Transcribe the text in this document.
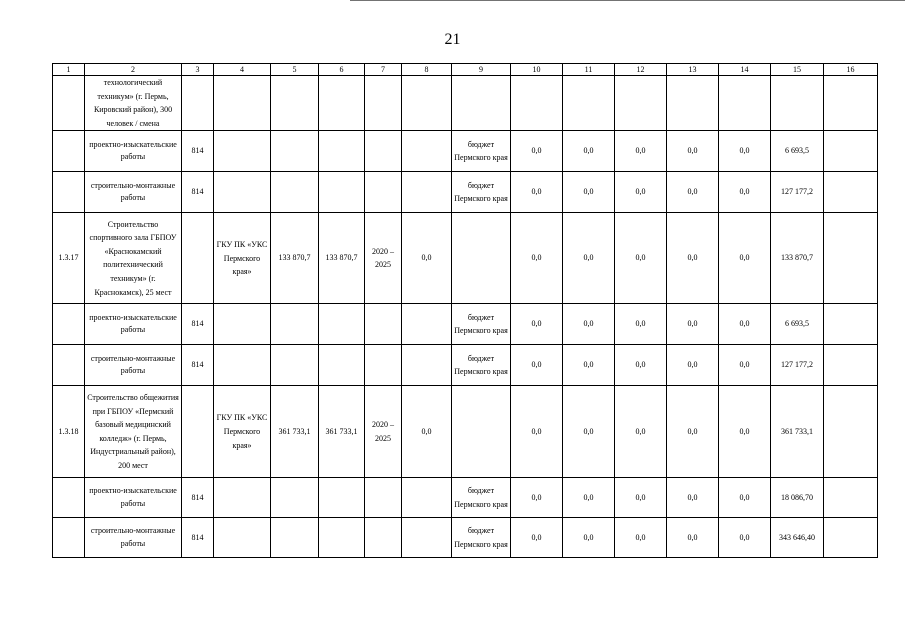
21
1	2	3	4	5	6	7	8	9	10	11	12	13	14	15	16
	технологический техникум» (г. Пермь, Кировский район), 300 человек / смена														
	проектно-изыскательские работы	814						бюджет Пермского края	0,0	0,0	0,0	0,0	0,0	6 693,5	
	строительно-монтажные работы	814						бюджет Пермского края	0,0	0,0	0,0	0,0	0,0	127 177,2	
1.3.17	Строительство спортивного зала ГБПОУ «Краснокамский политехнический техникум» (г. Краснокамск), 25 мест		ГКУ ПК «УКС Пермского края»	133 870,7	133 870,7	2020 – 2025	0,0		0,0	0,0	0,0	0,0	0,0	133 870,7	
	проектно-изыскательские работы	814						бюджет Пермского края	0,0	0,0	0,0	0,0	0,0	6 693,5	
	строительно-монтажные работы	814						бюджет Пермского края	0,0	0,0	0,0	0,0	0,0	127 177,2	
1.3.18	Строительство общежития при ГБПОУ «Пермский базовый медицинский колледж» (г. Пермь, Индустриальный район), 200 мест		ГКУ ПК «УКС Пермского края»	361 733,1	361 733,1	2020 – 2025	0,0		0,0	0,0	0,0	0,0	0,0	361 733,1	
	проектно-изыскательские работы	814						бюджет Пермского края	0,0	0,0	0,0	0,0	0,0	18 086,70	
	строительно-монтажные работы	814						бюджет Пермского края	0,0	0,0	0,0	0,0	0,0	343 646,40	
